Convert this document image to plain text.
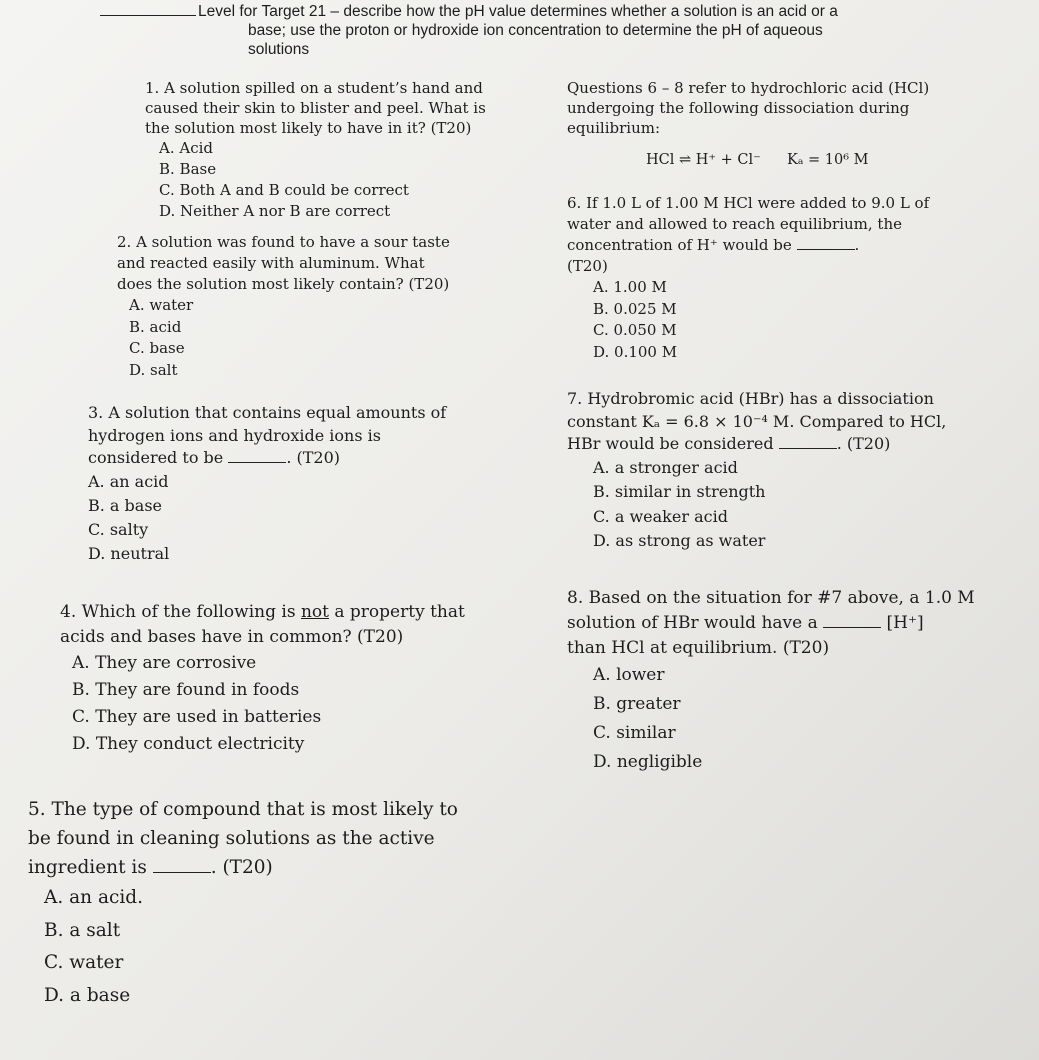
Level for Target 21 – describe how the pH value determines whether a solution is an acid or a
base; use the proton or hydroxide ion concentration to determine the pH of aqueous
solutions
1. A solution spilled on a student’s hand and
caused their skin to blister and peel. What is
the solution most likely to have in it? (T20)
A. Acid
B. Base
C. Both A and B could be correct
D. Neither A nor B are correct
2. A solution was found to have a sour taste
and reacted easily with aluminum. What
does the solution most likely contain? (T20)
A. water
B. acid
C. base
D. salt
3. A solution that contains equal amounts of
hydrogen ions and hydroxide ions is
considered to be	. (T20)
A. an acid
B. a base
C. salty
D. neutral
4. Which of the following is not a property that
acids and bases have in common? (T20)
A. They are corrosive
B. They are found in foods
C. They are used in batteries
D. They conduct electricity
5. The type of compound that is most likely to
be found in cleaning solutions as the active
ingredient is	. (T20)
A. an acid.
B. a salt
C. water
D. a base
Questions 6 – 8 refer to hydrochloric acid (HCl)
undergoing the following dissociation during
equilibrium:
HCl ⇌ H⁺ + Cl⁻ Kₐ = 10⁶ M
6. If 1.0 L of 1.00 M HCl were added to 9.0 L of
water and allowed to reach equilibrium, the
concentration of H⁺ would be	.
(T20)
A. 1.00 M
B. 0.025 M
C. 0.050 M
D. 0.100 M
7. Hydrobromic acid (HBr) has a dissociation
constant Kₐ = 6.8 × 10⁻⁴ M. Compared to HCl,
HBr would be considered	. (T20)
A. a stronger acid
B. similar in strength
C. a weaker acid
D. as strong as water
8. Based on the situation for #7 above, a 1.0 M
solution of HBr would have a	[H⁺]
than HCl at equilibrium. (T20)
A. lower
B. greater
C. similar
D. negligible
